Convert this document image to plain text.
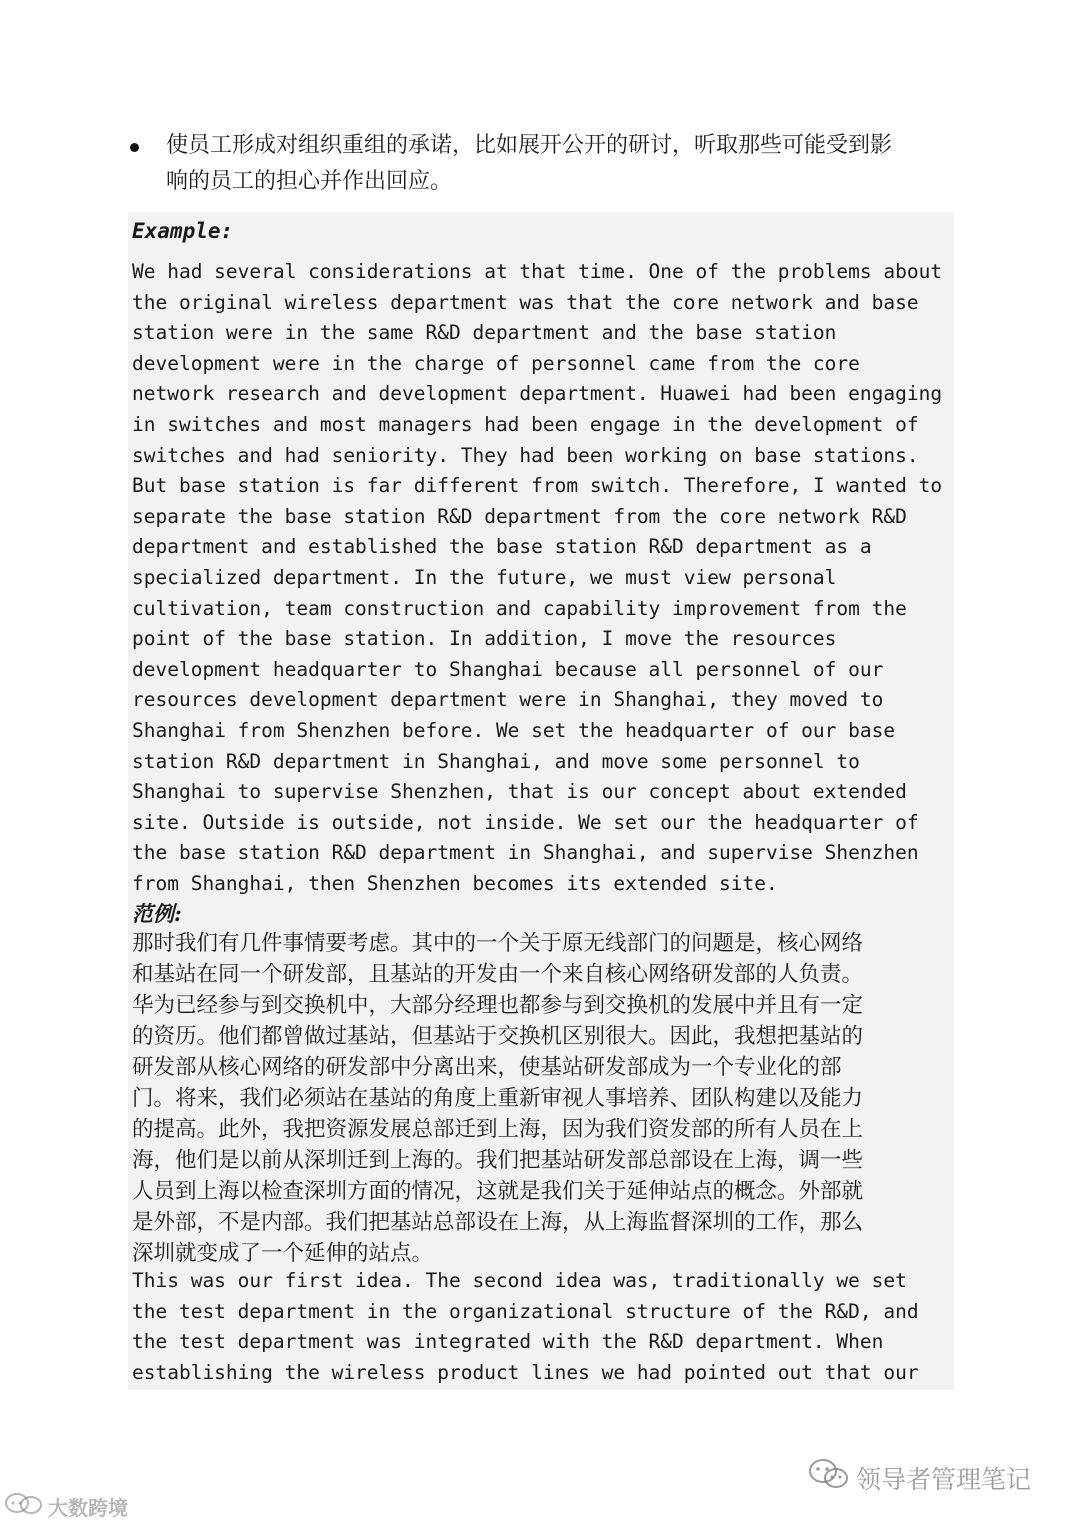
使员工形成对组织重组的承诺，比如展开公开的研讨，听取那些可能受到影
响的员工的担心并作出回应。
Example:
We had several considerations at that time. One of the problems about
the original wireless department was that the core network and base
station were in the same R&D department and the base station
development were in the charge of personnel came from the core
network research and development department. Huawei had been engaging
in switches and most managers had been engage in the development of
switches and had seniority. They had been working on base stations.
But base station is far different from switch. Therefore, I wanted to
separate the base station R&D department from the core network R&D
department and established the base station R&D department as a
specialized department. In the future, we must view personal
cultivation, team construction and capability improvement from the
point of the base station. In addition, I move the resources
development headquarter to Shanghai because all personnel of our
resources development department were in Shanghai, they moved to
Shanghai from Shenzhen before. We set the headquarter of our base
station R&D department in Shanghai, and move some personnel to
Shanghai to supervise Shenzhen, that is our concept about extended
site. Outside is outside, not inside. We set our the headquarter of
the base station R&D department in Shanghai, and supervise Shenzhen
from Shanghai, then Shenzhen becomes its extended site.
范例:
那时我们有几件事情要考虑。其中的一个关于原无线部门的问题是，核心网络
和基站在同一个研发部，且基站的开发由一个来自核心网络研发部的人负责。
华为已经参与到交换机中，大部分经理也都参与到交换机的发展中并且有一定
的资历。他们都曾做过基站，但基站于交换机区别很大。因此，我想把基站的
研发部从核心网络的研发部中分离出来，使基站研发部成为一个专业化的部
门。将来，我们必须站在基站的角度上重新审视人事培养、团队构建以及能力
的提高。此外，我把资源发展总部迁到上海，因为我们资发部的所有人员在上
海，他们是以前从深圳迁到上海的。我们把基站研发部总部设在上海，调一些
人员到上海以检查深圳方面的情况，这就是我们关于延伸站点的概念。外部就
是外部，不是内部。我们把基站总部设在上海，从上海监督深圳的工作，那么
深圳就变成了一个延伸的站点。
This was our first idea. The second idea was, traditionally we set
the test department in the organizational structure of the R&D, and
the test department was integrated with the R&D department. When
establishing the wireless product lines we had pointed out that our
大数跨境
领导者管理笔记
